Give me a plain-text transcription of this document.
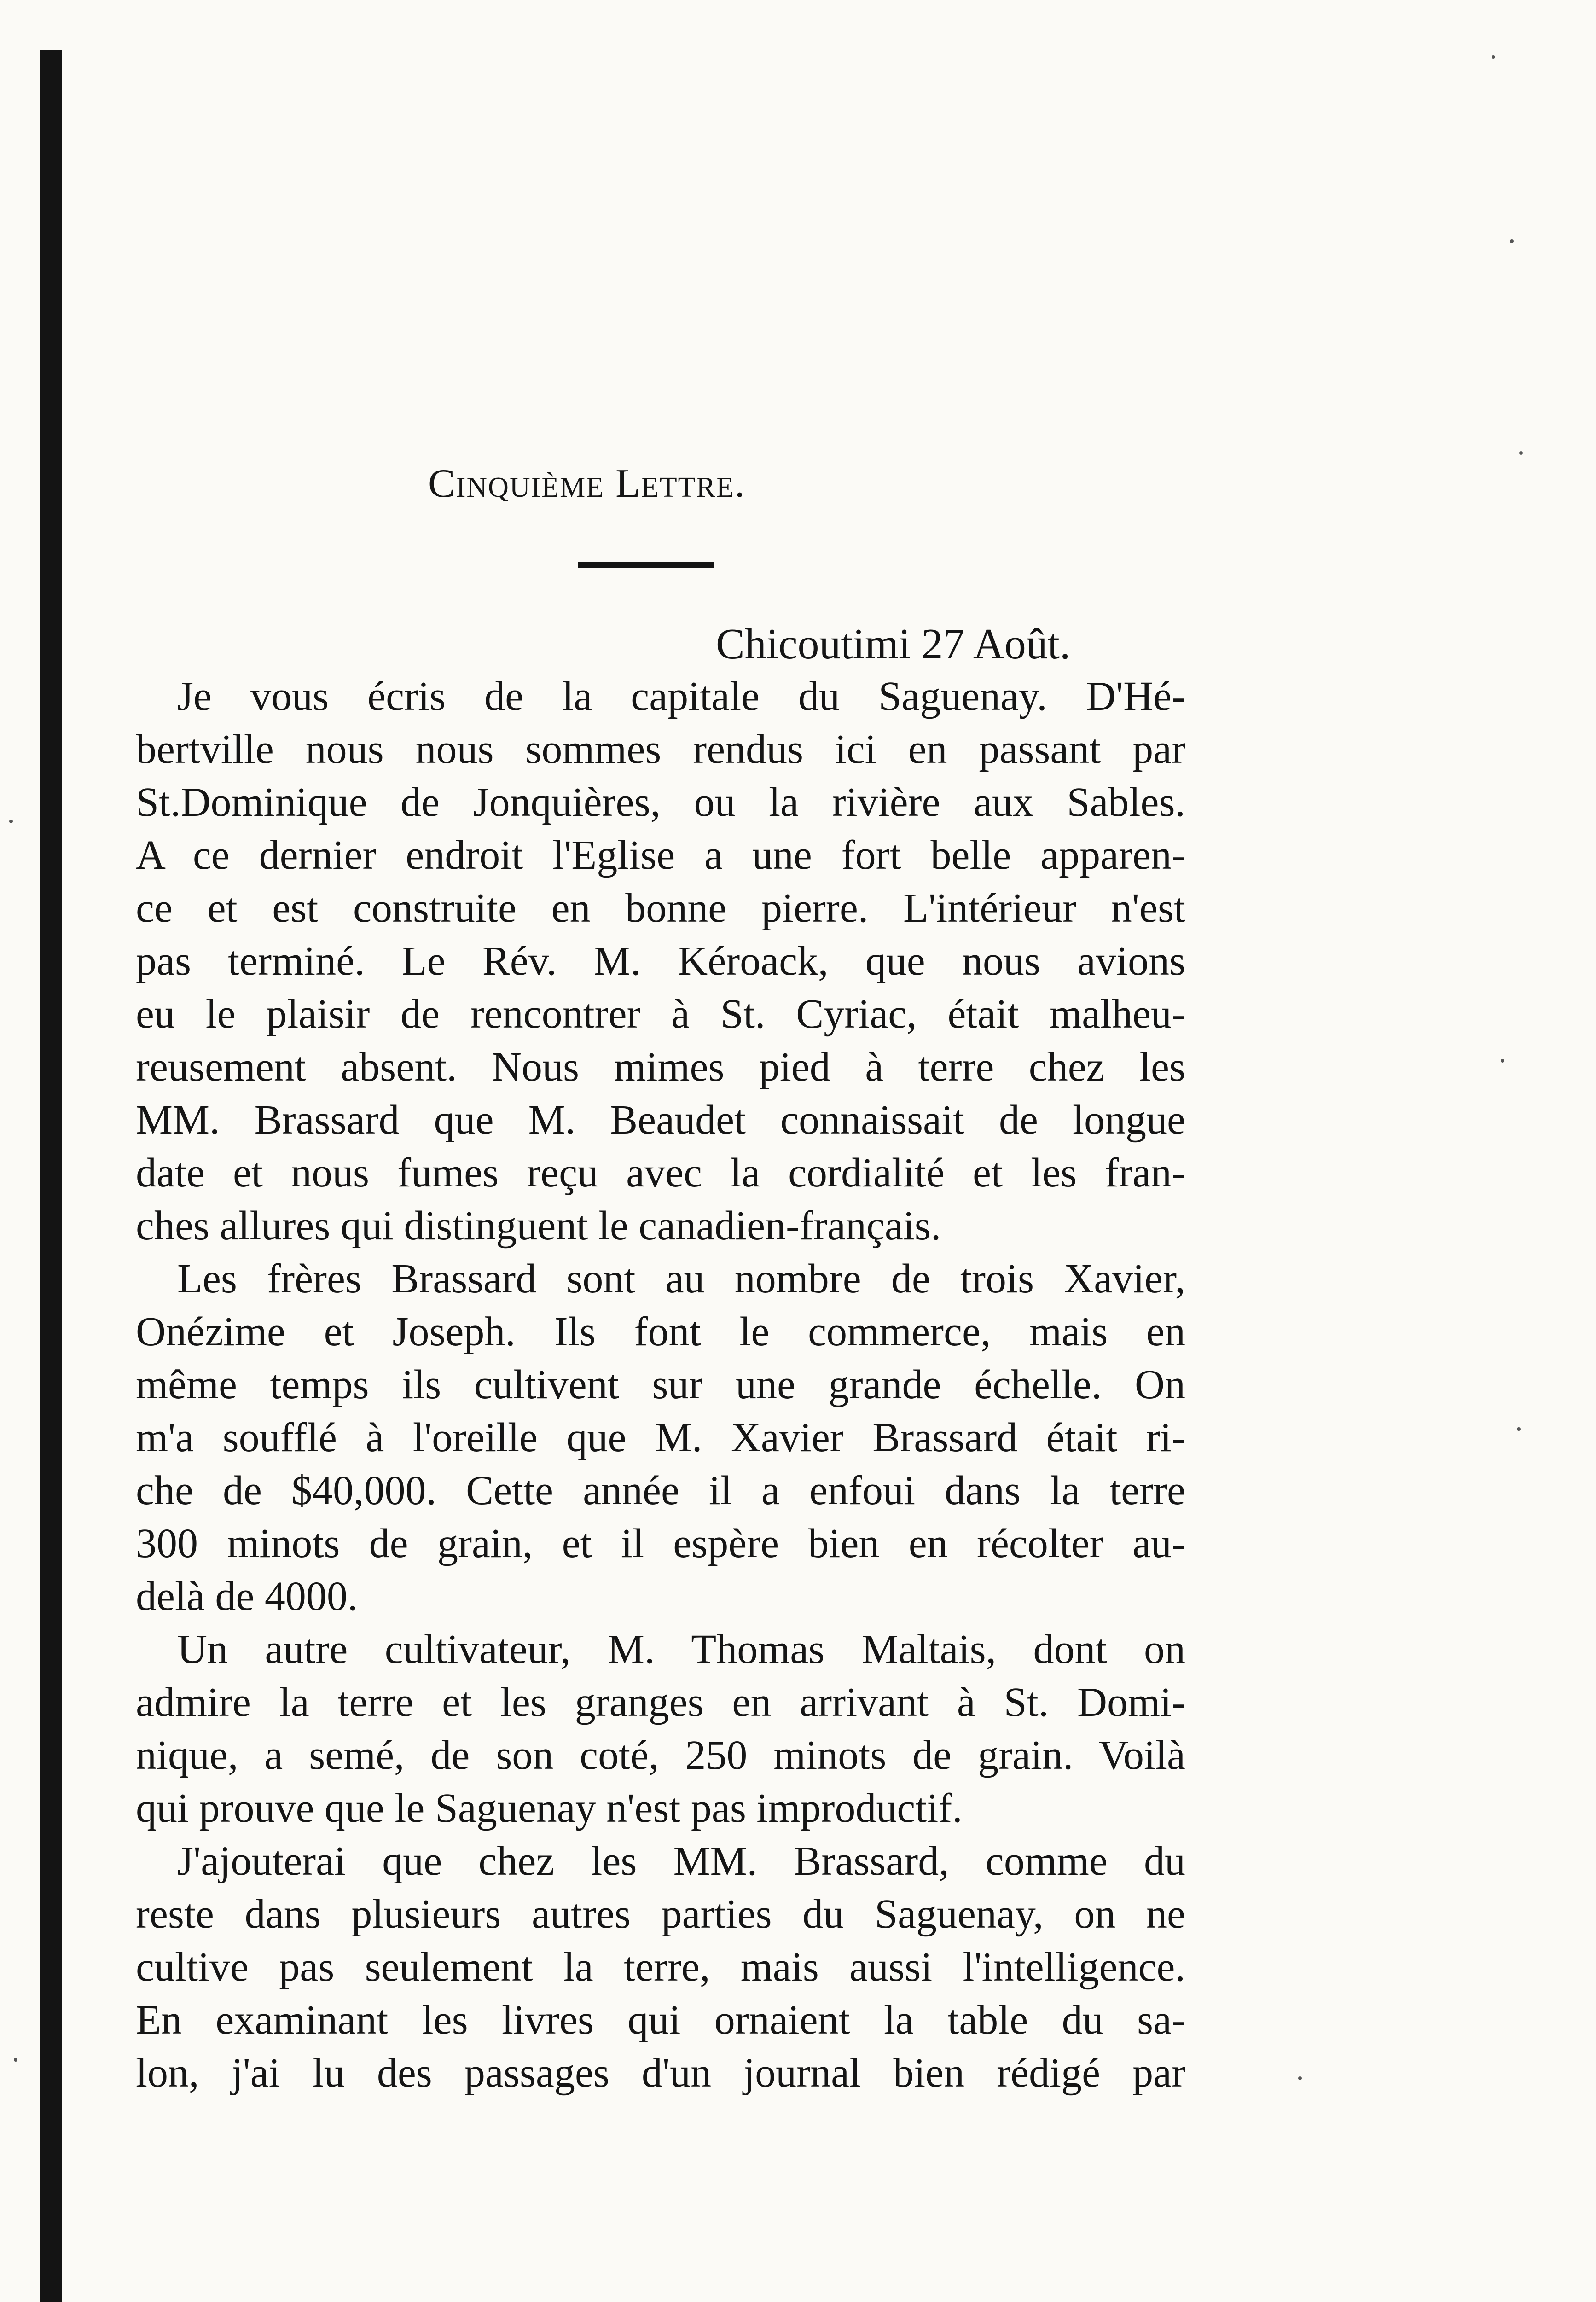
Cinquième Lettre.
Chicoutimi 27 Août.
Je vous écris de la capitale du Saguenay. D'Hé-
bertville nous nous sommes rendus ici en passant par
St.Dominique de Jonquières, ou la rivière aux Sables.
A ce dernier endroit l'Eglise a une fort belle apparen-
ce et est construite en bonne pierre. L'intérieur n'est
pas terminé. Le Rév. M. Kéroack, que nous avions
eu le plaisir de rencontrer à St. Cyriac, était malheu-
reusement absent. Nous mimes pied à terre chez les
MM. Brassard que M. Beaudet connaissait de longue
date et nous fumes reçu avec la cordialité et les fran-
ches allures qui distinguent le canadien-français.
Les frères Brassard sont au nombre de trois Xavier,
Onézime et Joseph. Ils font le commerce, mais en
même temps ils cultivent sur une grande échelle. On
m'a soufflé à l'oreille que M. Xavier Brassard était ri-
che de $40,000. Cette année il a enfoui dans la terre
300 minots de grain, et il espère bien en récolter au-
delà de 4000.
Un autre cultivateur, M. Thomas Maltais, dont on
admire la terre et les granges en arrivant à St. Domi-
nique, a semé, de son coté, 250 minots de grain. Voilà
qui prouve que le Saguenay n'est pas improductif.
J'ajouterai que chez les MM. Brassard, comme du
reste dans plusieurs autres parties du Saguenay, on ne
cultive pas seulement la terre, mais aussi l'intelligence.
En examinant les livres qui ornaient la table du sa-
lon, j'ai lu des passages d'un journal bien rédigé par
